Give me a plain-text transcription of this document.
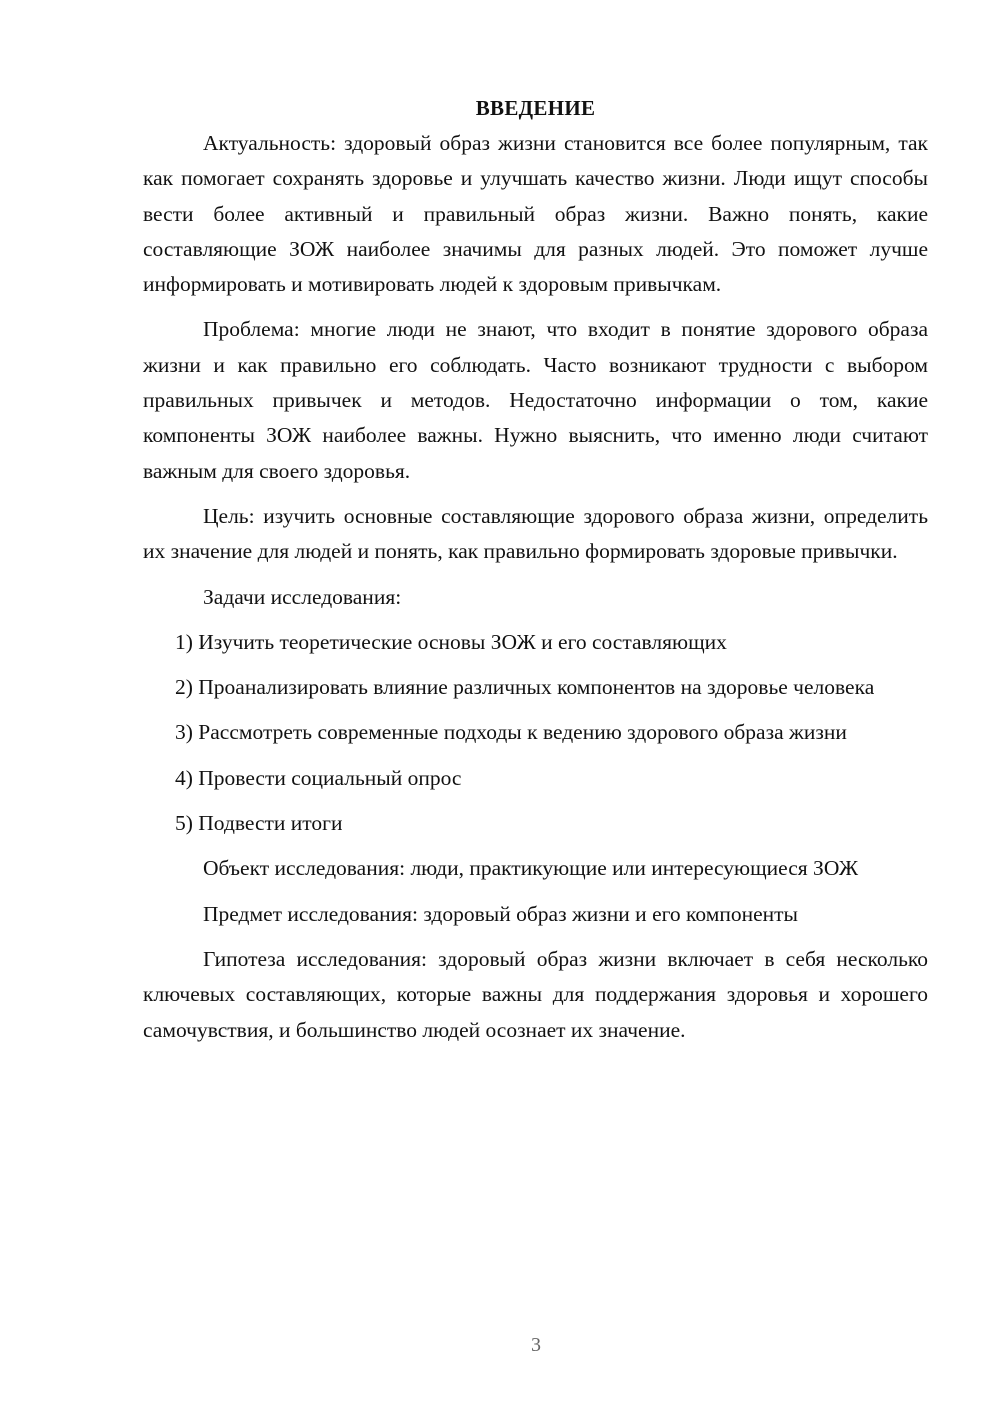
ВВЕДЕНИЕ

Актуальность: здоровый образ жизни становится все более популярным, так как помогает сохранять здоровье и улучшать качество жизни. Люди ищут способы вести более активный и правильный образ жизни. Важно понять, какие составляющие ЗОЖ наиболее значимы для разных людей. Это поможет лучше информировать и мотивировать людей к здоровым привычкам.

Проблема: многие люди не знают, что входит в понятие здорового образа жизни и как правильно его соблюдать. Часто возникают трудности с выбором правильных привычек и методов. Недостаточно информации о том, какие компоненты ЗОЖ наиболее важны. Нужно выяснить, что именно люди считают важным для своего здоровья.

Цель: изучить основные составляющие здорового образа жизни, определить их значение для людей и понять, как правильно формировать здоровые привычки.

Задачи исследования:

1) Изучить теоретические основы ЗОЖ и его составляющих

2) Проанализировать влияние различных компонентов на здоровье человека

3) Рассмотреть современные подходы к ведению здорового образа жизни

4) Провести социальный опрос

5) Подвести итоги

Объект исследования: люди, практикующие или интересующиеся ЗОЖ

Предмет исследования: здоровый образ жизни и его компоненты

Гипотеза исследования: здоровый образ жизни включает в себя несколько ключевых составляющих, которые важны для поддержания здоровья и хорошего самочувствия, и большинство людей осознает их значение.

3
